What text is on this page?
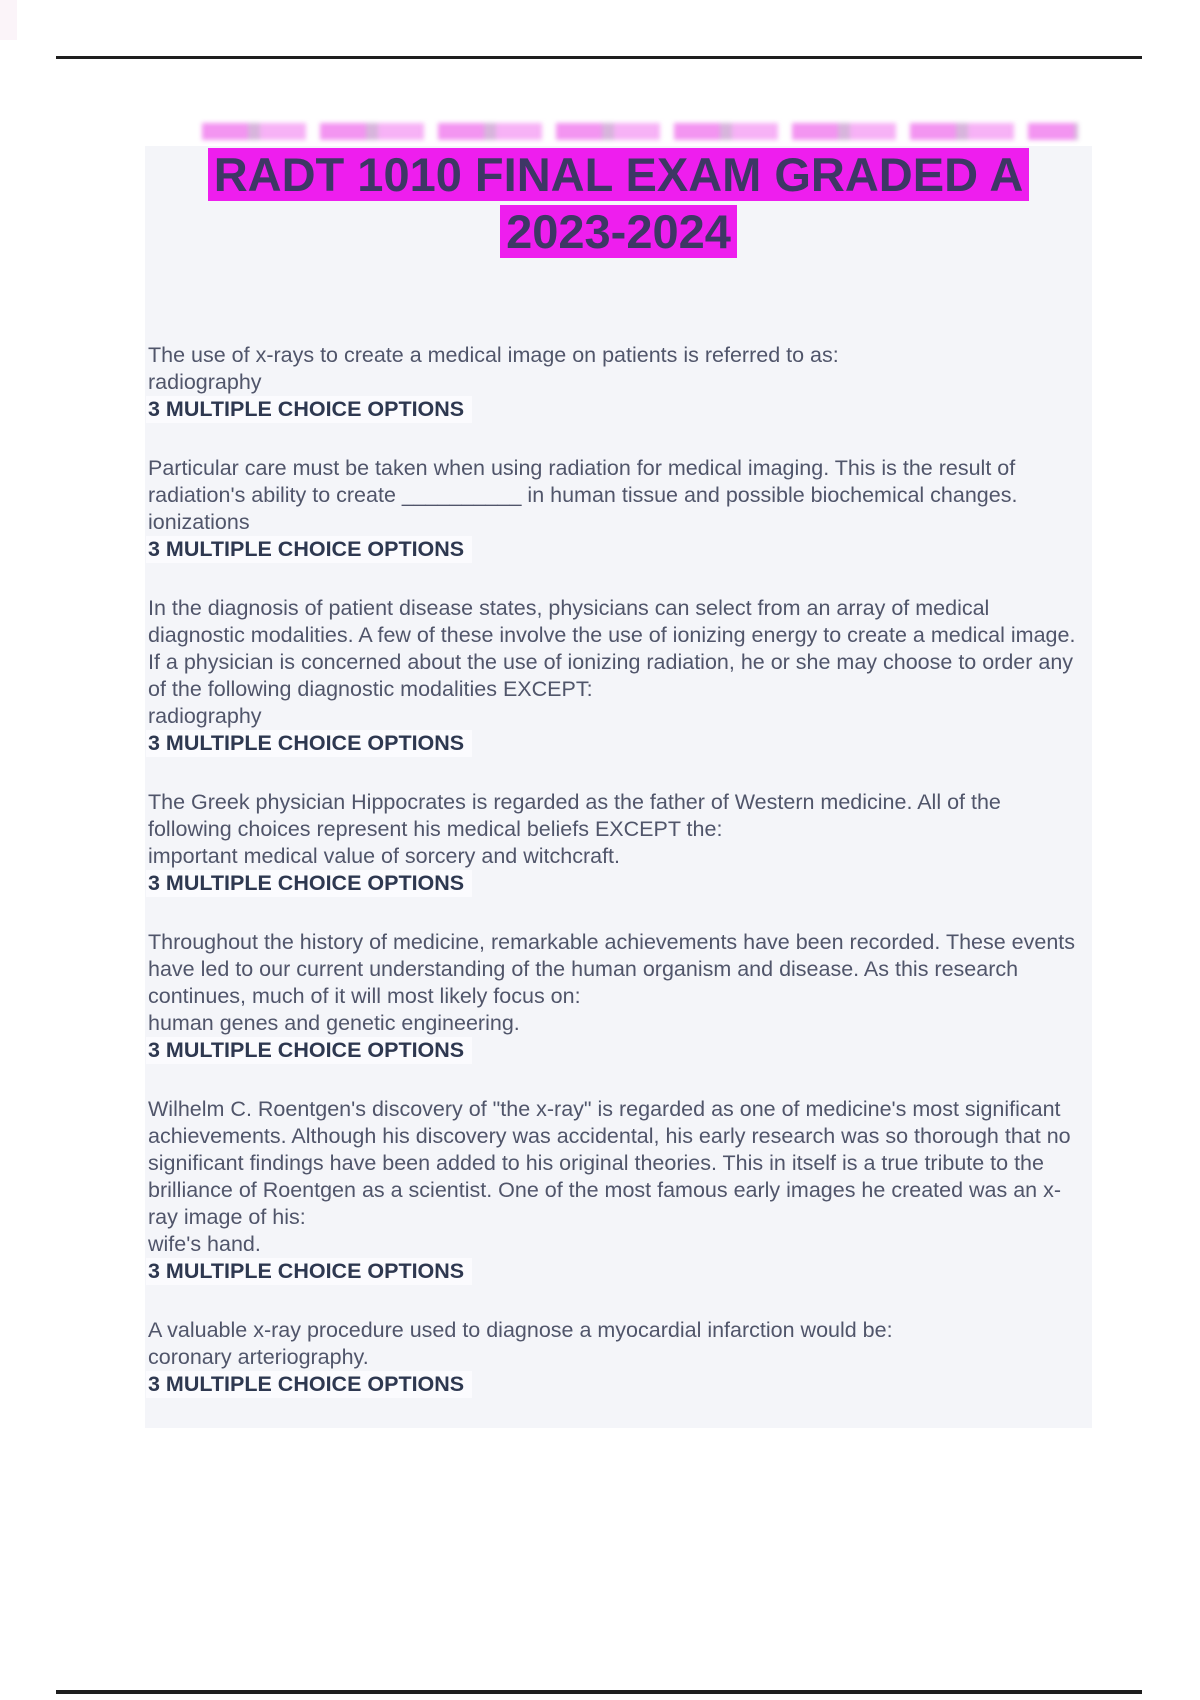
RADT 1010 FINAL EXAM GRADED A
2023-2024
The use of x-rays to create a medical image on patients is referred to as:
radiography
3 MULTIPLE CHOICE OPTIONS
Particular care must be taken when using radiation for medical imaging. This is the result of radiation's ability to create __________ in human tissue and possible biochemical changes.
ionizations
3 MULTIPLE CHOICE OPTIONS
In the diagnosis of patient disease states, physicians can select from an array of medical diagnostic modalities. A few of these involve the use of ionizing energy to create a medical image. If a physician is concerned about the use of ionizing radiation, he or she may choose to order any of the following diagnostic modalities EXCEPT:
radiography
3 MULTIPLE CHOICE OPTIONS
The Greek physician Hippocrates is regarded as the father of Western medicine. All of the following choices represent his medical beliefs EXCEPT the:
important medical value of sorcery and witchcraft.
3 MULTIPLE CHOICE OPTIONS
Throughout the history of medicine, remarkable achievements have been recorded. These events have led to our current understanding of the human organism and disease. As this research continues, much of it will most likely focus on:
human genes and genetic engineering.
3 MULTIPLE CHOICE OPTIONS
Wilhelm C. Roentgen's discovery of "the x-ray" is regarded as one of medicine's most significant achievements. Although his discovery was accidental, his early research was so thorough that no significant findings have been added to his original theories. This in itself is a true tribute to the brilliance of Roentgen as a scientist. One of the most famous early images he created was an x-ray image of his:
wife's hand.
3 MULTIPLE CHOICE OPTIONS
A valuable x-ray procedure used to diagnose a myocardial infarction would be:
coronary arteriography.
3 MULTIPLE CHOICE OPTIONS
